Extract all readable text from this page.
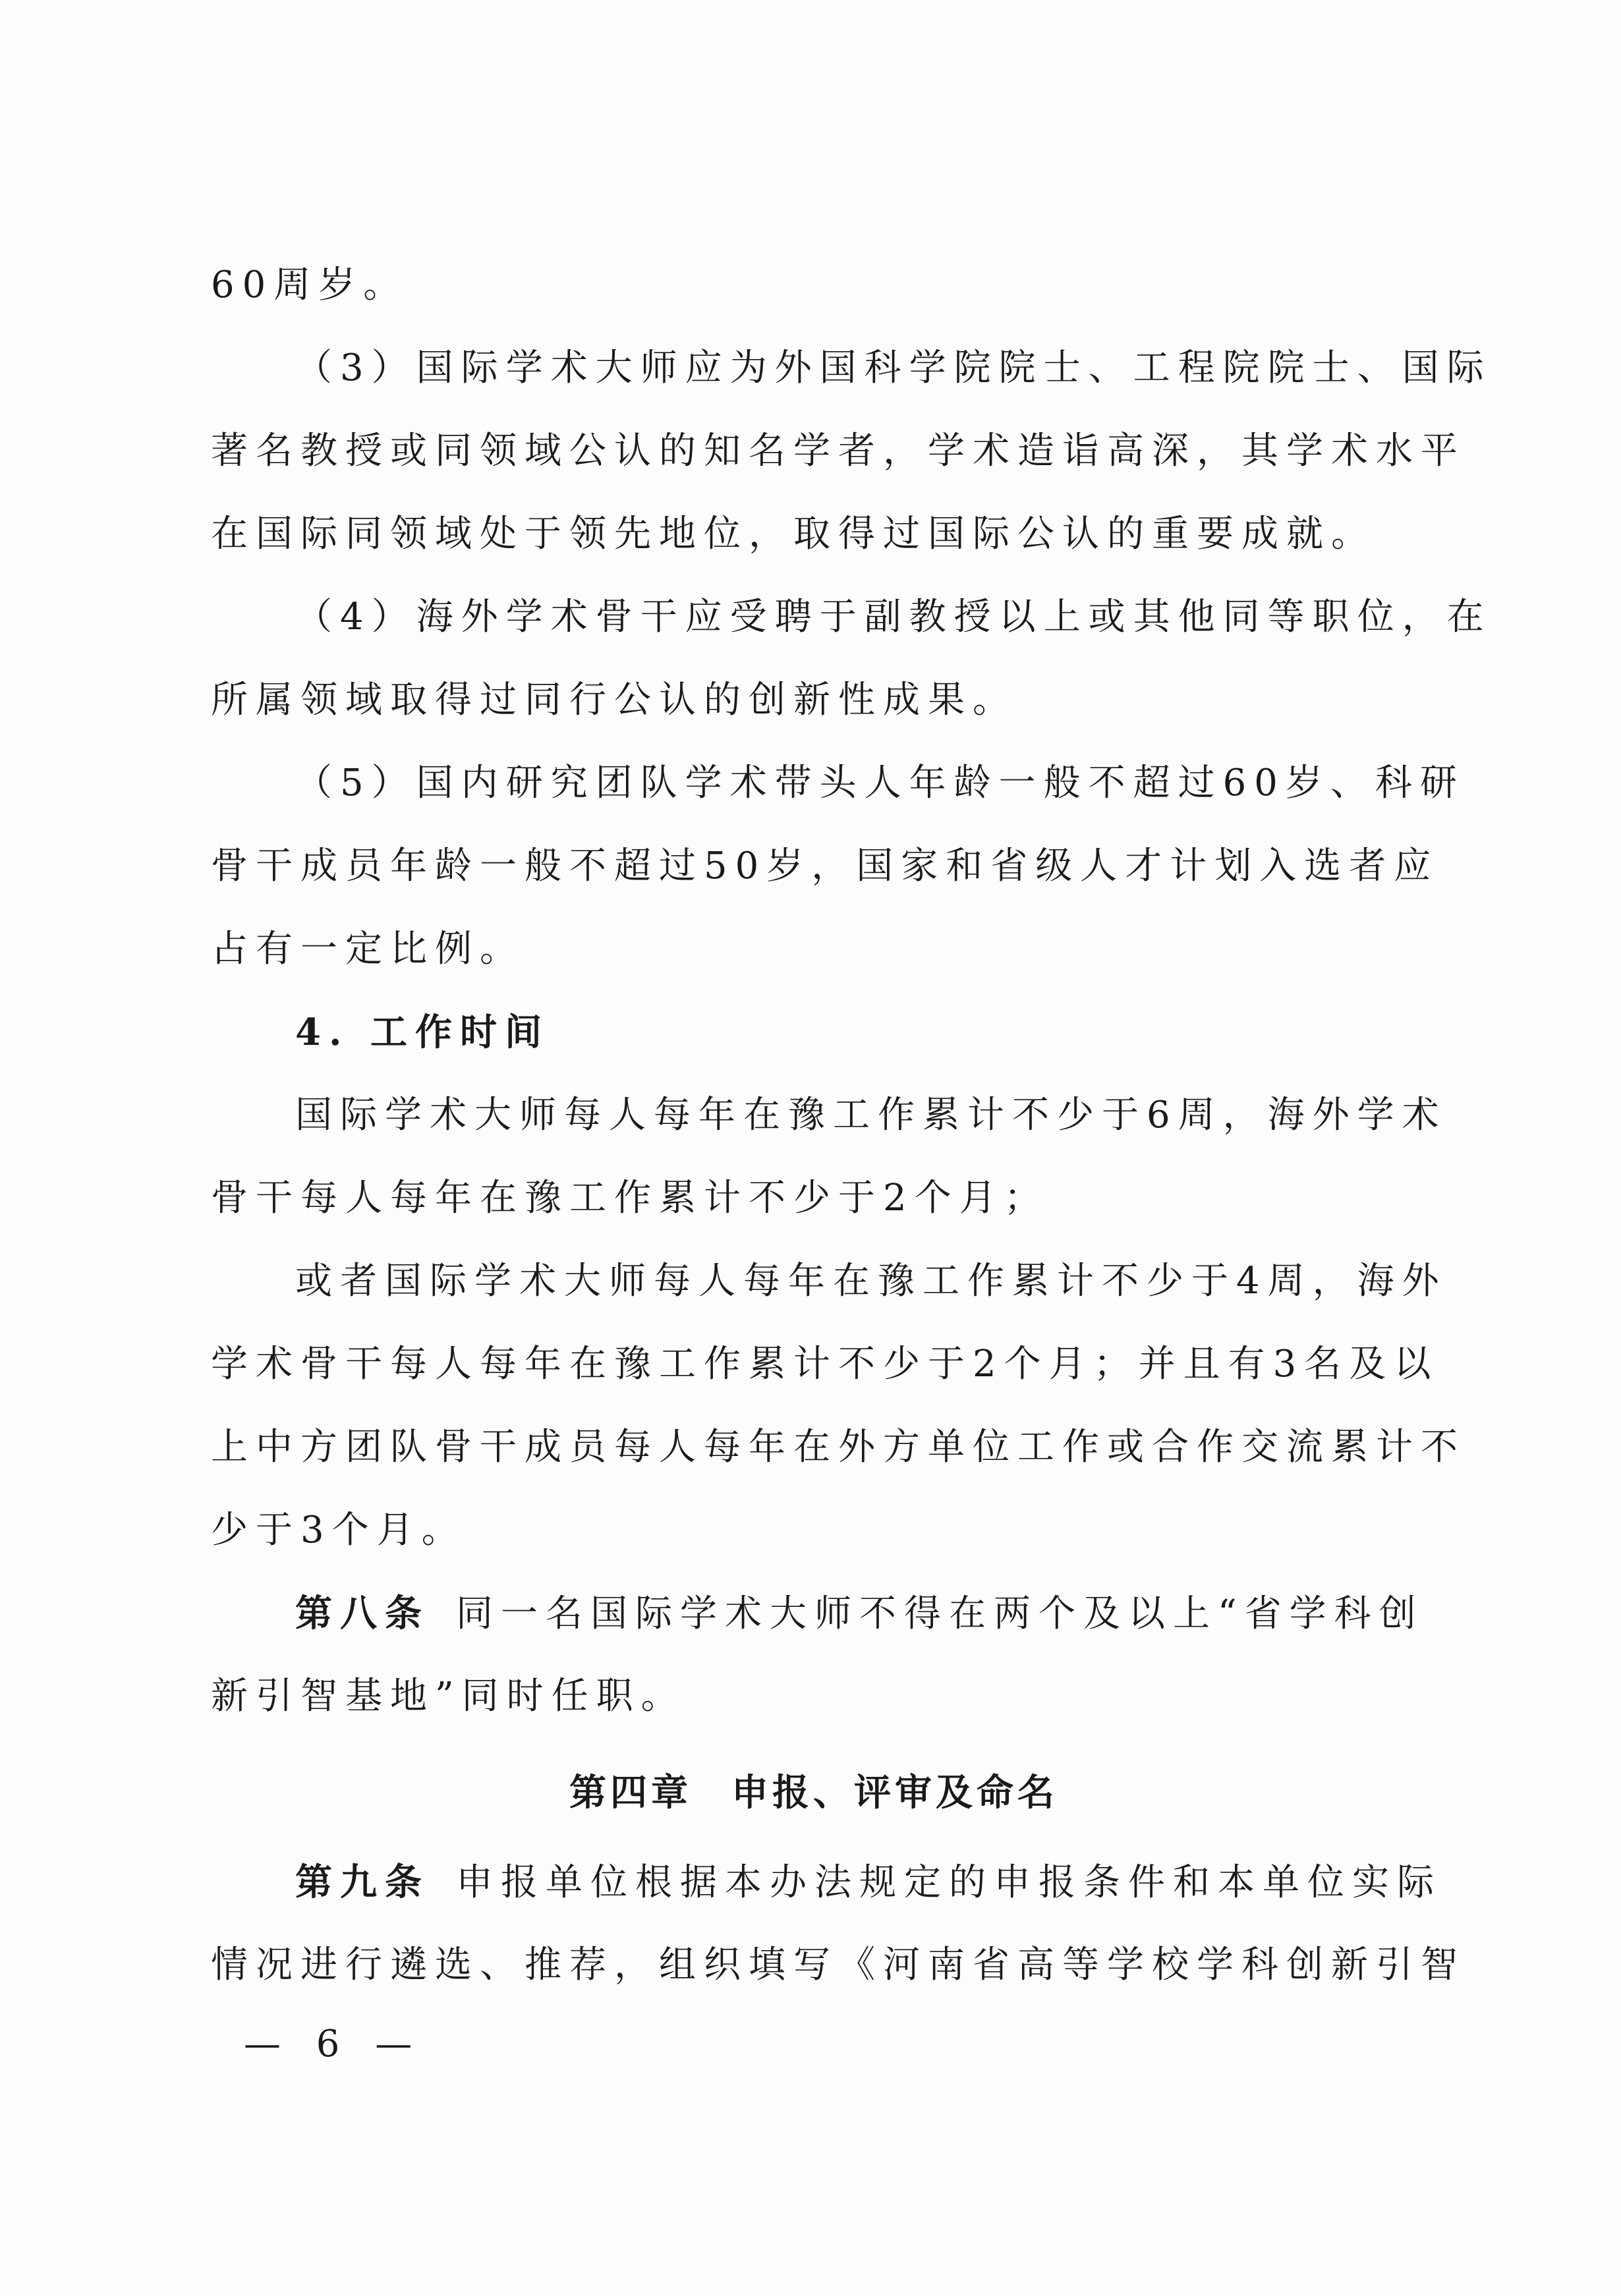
60周岁。
（3）国际学术大师应为外国科学院院士、工程院院士、国际
著名教授或同领域公认的知名学者，学术造诣高深，其学术水平
在国际同领域处于领先地位，取得过国际公认的重要成就。
（4）海外学术骨干应受聘于副教授以上或其他同等职位，在
所属领域取得过同行公认的创新性成果。
（5）国内研究团队学术带头人年龄一般不超过60岁、科研
骨干成员年龄一般不超过50岁，国家和省级人才计划入选者应
占有一定比例。
4. 工作时间
国际学术大师每人每年在豫工作累计不少于6周，海外学术
骨干每人每年在豫工作累计不少于2个月；
或者国际学术大师每人每年在豫工作累计不少于4周，海外
学术骨干每人每年在豫工作累计不少于2个月；并且有3名及以
上中方团队骨干成员每人每年在外方单位工作或合作交流累计不
少于3个月。
第八条 同一名国际学术大师不得在两个及以上“省学科创
新引智基地”同时任职。
第四章 申报、评审及命名
第九条 申报单位根据本办法规定的申报条件和本单位实际
情况进行遴选、推荐，组织填写《河南省高等学校学科创新引智
— 6 —
